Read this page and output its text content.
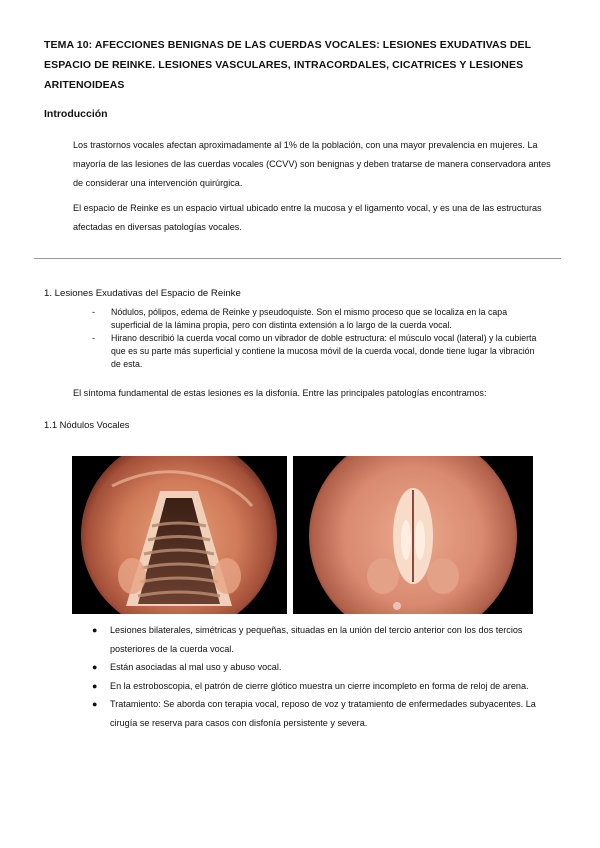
TEMA 10: AFECCIONES BENIGNAS DE LAS CUERDAS VOCALES: LESIONES EXUDATIVAS DEL ESPACIO DE REINKE. LESIONES VASCULARES, INTRACORDALES, CICATRICES Y LESIONES ARITENOIDEAS
Introducción
Los trastornos vocales afectan aproximadamente al 1% de la población, con una mayor prevalencia en mujeres. La mayoría de las lesiones de las cuerdas vocales (CCVV) son benignas y deben tratarse de manera conservadora antes de considerar una intervención quirúrgica.
El espacio de Reinke es un espacio virtual ubicado entre la mucosa y el ligamento vocal, y es una de las estructuras afectadas en diversas patologías vocales.
1. Lesiones Exudativas del Espacio de Reinke
- Nódulos, pólipos, edema de Reinke y pseudoquiste. Son el mismo proceso que se localiza en la capa superficial de la lámina propia, pero con distinta extensión a lo largo de la cuerda vocal.
- Hirano describió la cuerda vocal como un vibrador de doble estructura: el músculo vocal (lateral) y la cubierta que es su parte más superficial y contiene la mucosa móvil de la cuerda vocal, donde tiene lugar la vibración de esta.
El síntoma fundamental de estas lesiones es la disfonía. Entre las principales patologías encontramos:
1.1 Nódulos Vocales
● Lesiones bilaterales, simétricas y pequeñas, situadas en la unión del tercio anterior con los dos tercios posteriores de la cuerda vocal.
● Están asociadas al mal uso y abuso vocal.
● En la estroboscopia, el patrón de cierre glótico muestra un cierre incompleto en forma de reloj de arena.
● Tratamiento: Se aborda con terapia vocal, reposo de voz y tratamiento de enfermedades subyacentes. La cirugía se reserva para casos con disfonía persistente y severa.
